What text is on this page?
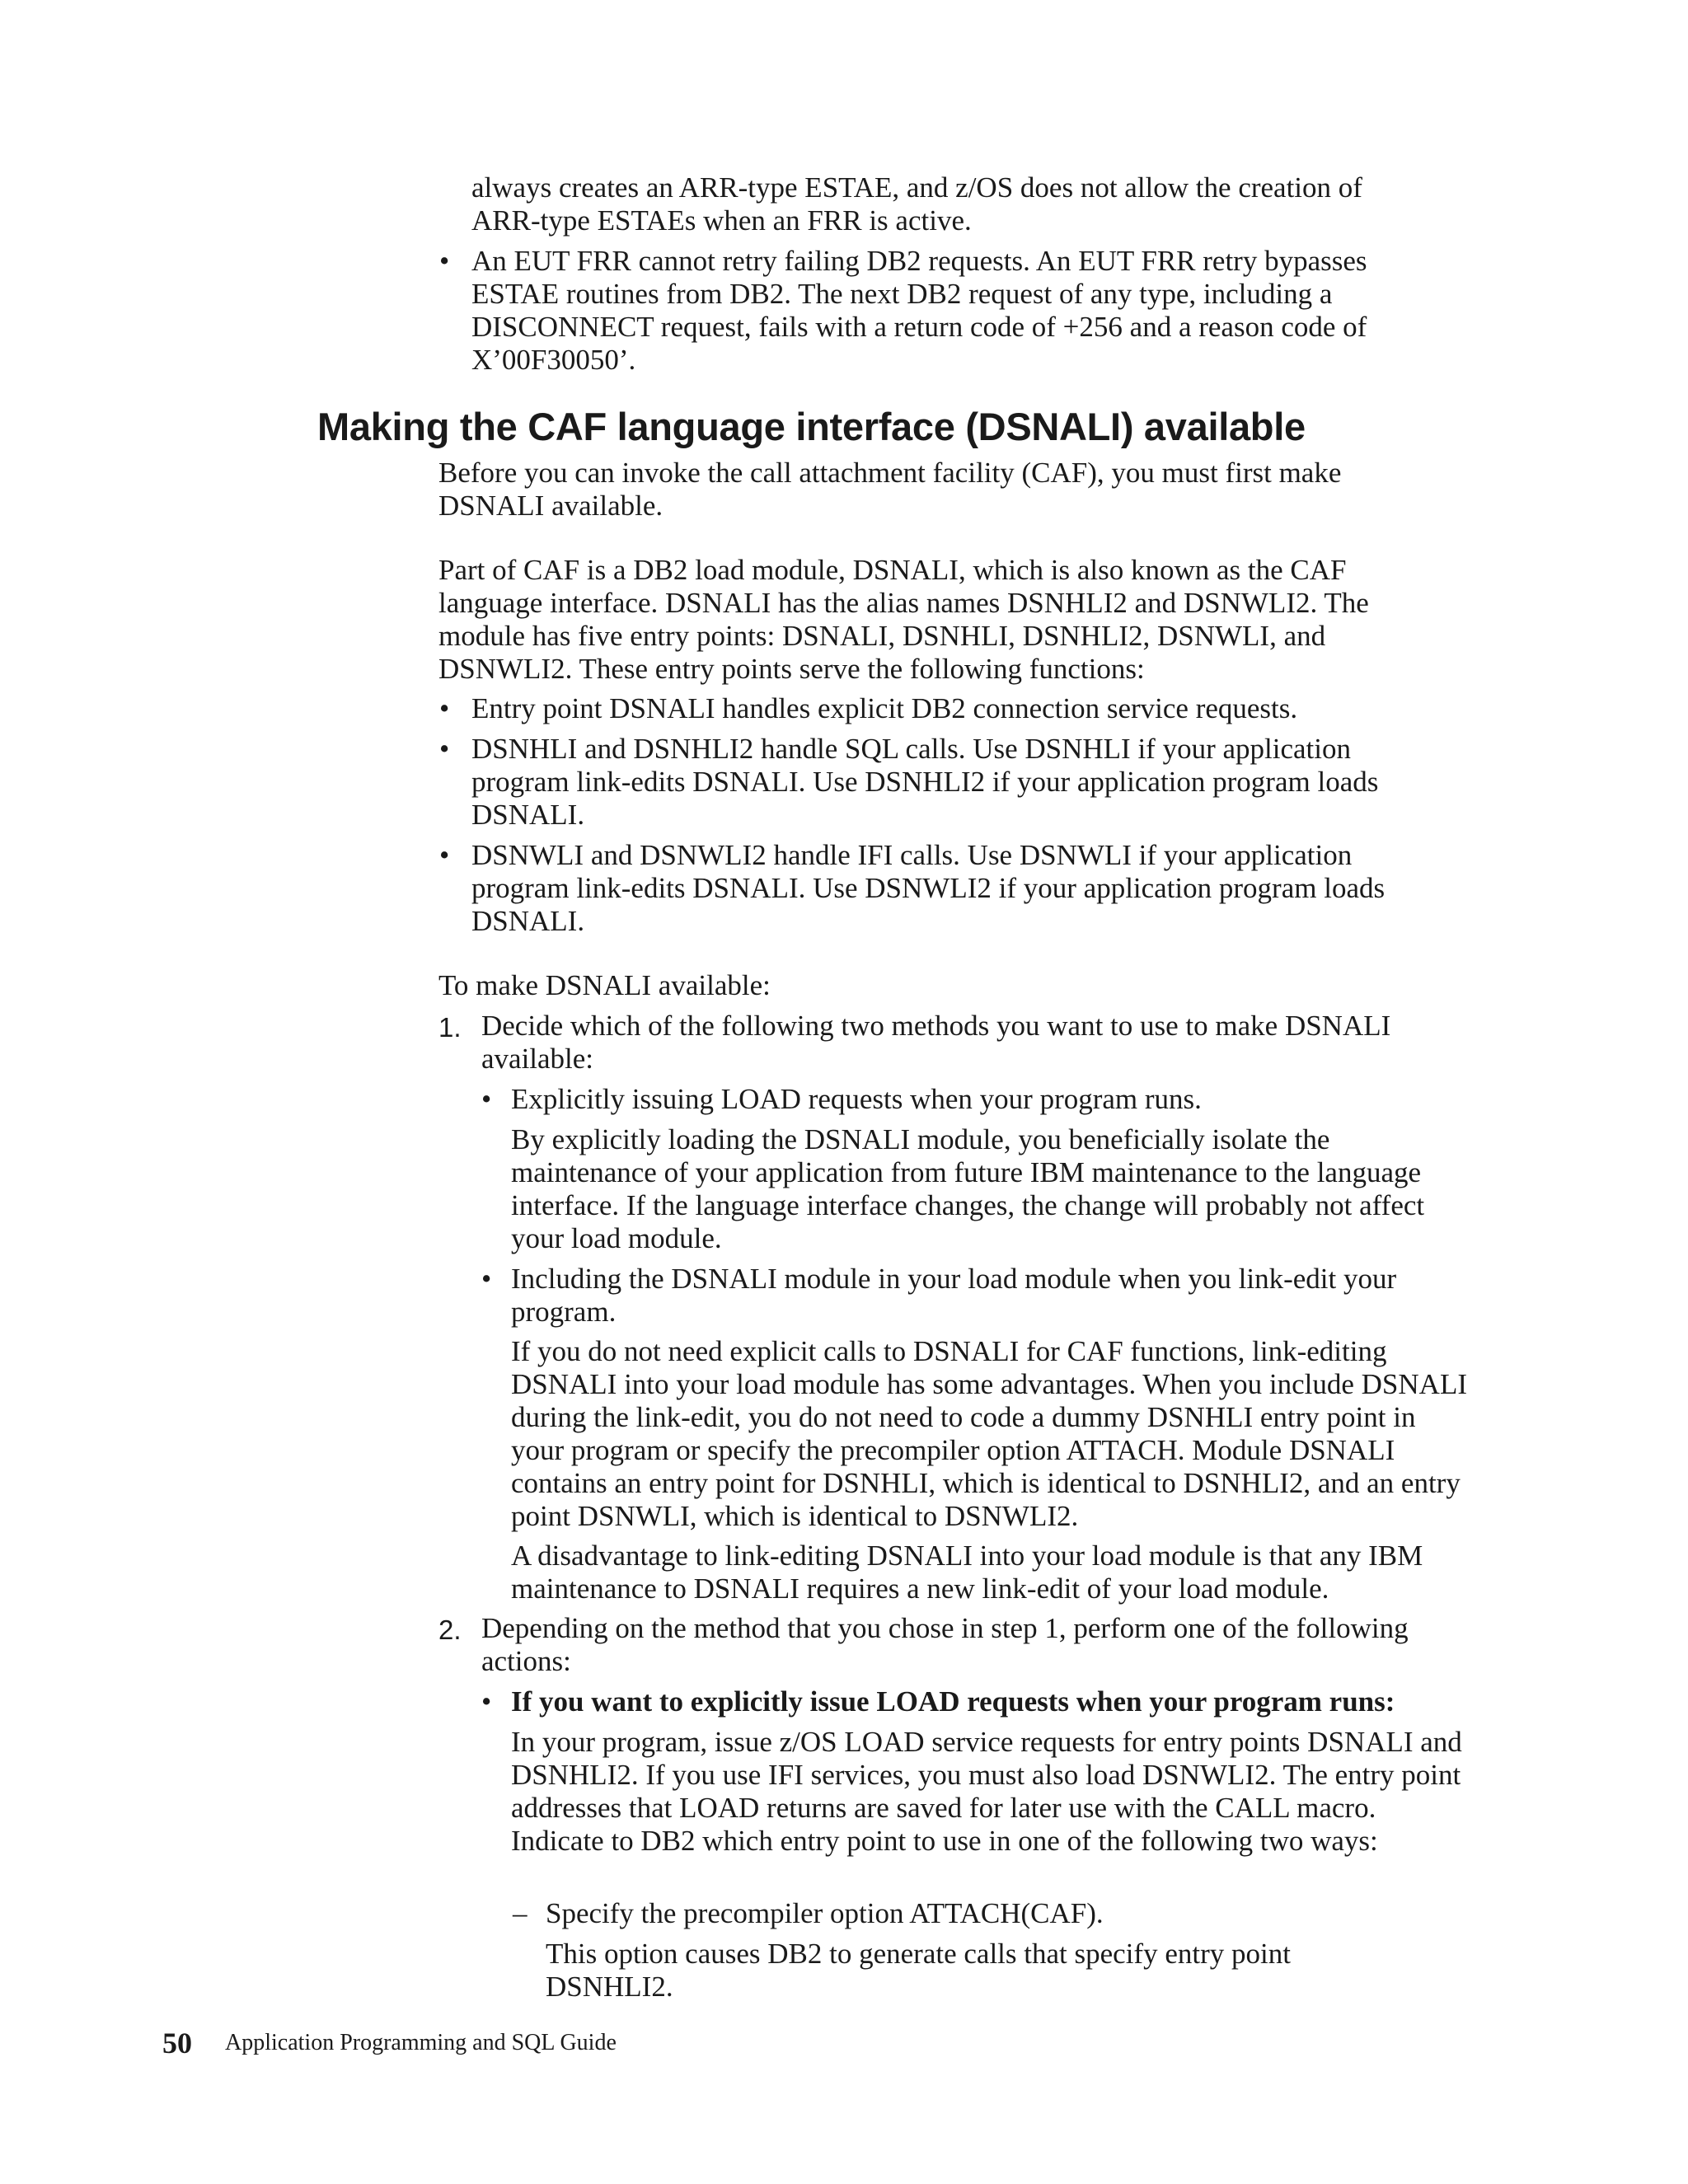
always creates an ARR-type ESTAE, and z/OS does not allow the creation of ARR-type ESTAEs when an FRR is active.

• An EUT FRR cannot retry failing DB2 requests. An EUT FRR retry bypasses ESTAE routines from DB2. The next DB2 request of any type, including a DISCONNECT request, fails with a return code of +256 and a reason code of X’00F30050’.

Making the CAF language interface (DSNALI) available

Before you can invoke the call attachment facility (CAF), you must first make DSNALI available.

Part of CAF is a DB2 load module, DSNALI, which is also known as the CAF language interface. DSNALI has the alias names DSNHLI2 and DSNWLI2. The module has five entry points: DSNALI, DSNHLI, DSNHLI2, DSNWLI, and DSNWLI2. These entry points serve the following functions:

• Entry point DSNALI handles explicit DB2 connection service requests.

• DSNHLI and DSNHLI2 handle SQL calls. Use DSNHLI if your application program link-edits DSNALI. Use DSNHLI2 if your application program loads DSNALI.

• DSNWLI and DSNWLI2 handle IFI calls. Use DSNWLI if your application program link-edits DSNALI. Use DSNWLI2 if your application program loads DSNALI.

To make DSNALI available:

1. Decide which of the following two methods you want to use to make DSNALI available:

• Explicitly issuing LOAD requests when your program runs.

By explicitly loading the DSNALI module, you beneficially isolate the maintenance of your application from future IBM maintenance to the language interface. If the language interface changes, the change will probably not affect your load module.

• Including the DSNALI module in your load module when you link-edit your program.

If you do not need explicit calls to DSNALI for CAF functions, link-editing DSNALI into your load module has some advantages. When you include DSNALI during the link-edit, you do not need to code a dummy DSNHLI entry point in your program or specify the precompiler option ATTACH. Module DSNALI contains an entry point for DSNHLI, which is identical to DSNHLI2, and an entry point DSNWLI, which is identical to DSNWLI2.

A disadvantage to link-editing DSNALI into your load module is that any IBM maintenance to DSNALI requires a new link-edit of your load module.

2. Depending on the method that you chose in step 1, perform one of the following actions:

• If you want to explicitly issue LOAD requests when your program runs:

In your program, issue z/OS LOAD service requests for entry points DSNALI and DSNHLI2. If you use IFI services, you must also load DSNWLI2. The entry point addresses that LOAD returns are saved for later use with the CALL macro. Indicate to DB2 which entry point to use in one of the following two ways:

– Specify the precompiler option ATTACH(CAF).

This option causes DB2 to generate calls that specify entry point DSNHLI2.

50 Application Programming and SQL Guide
